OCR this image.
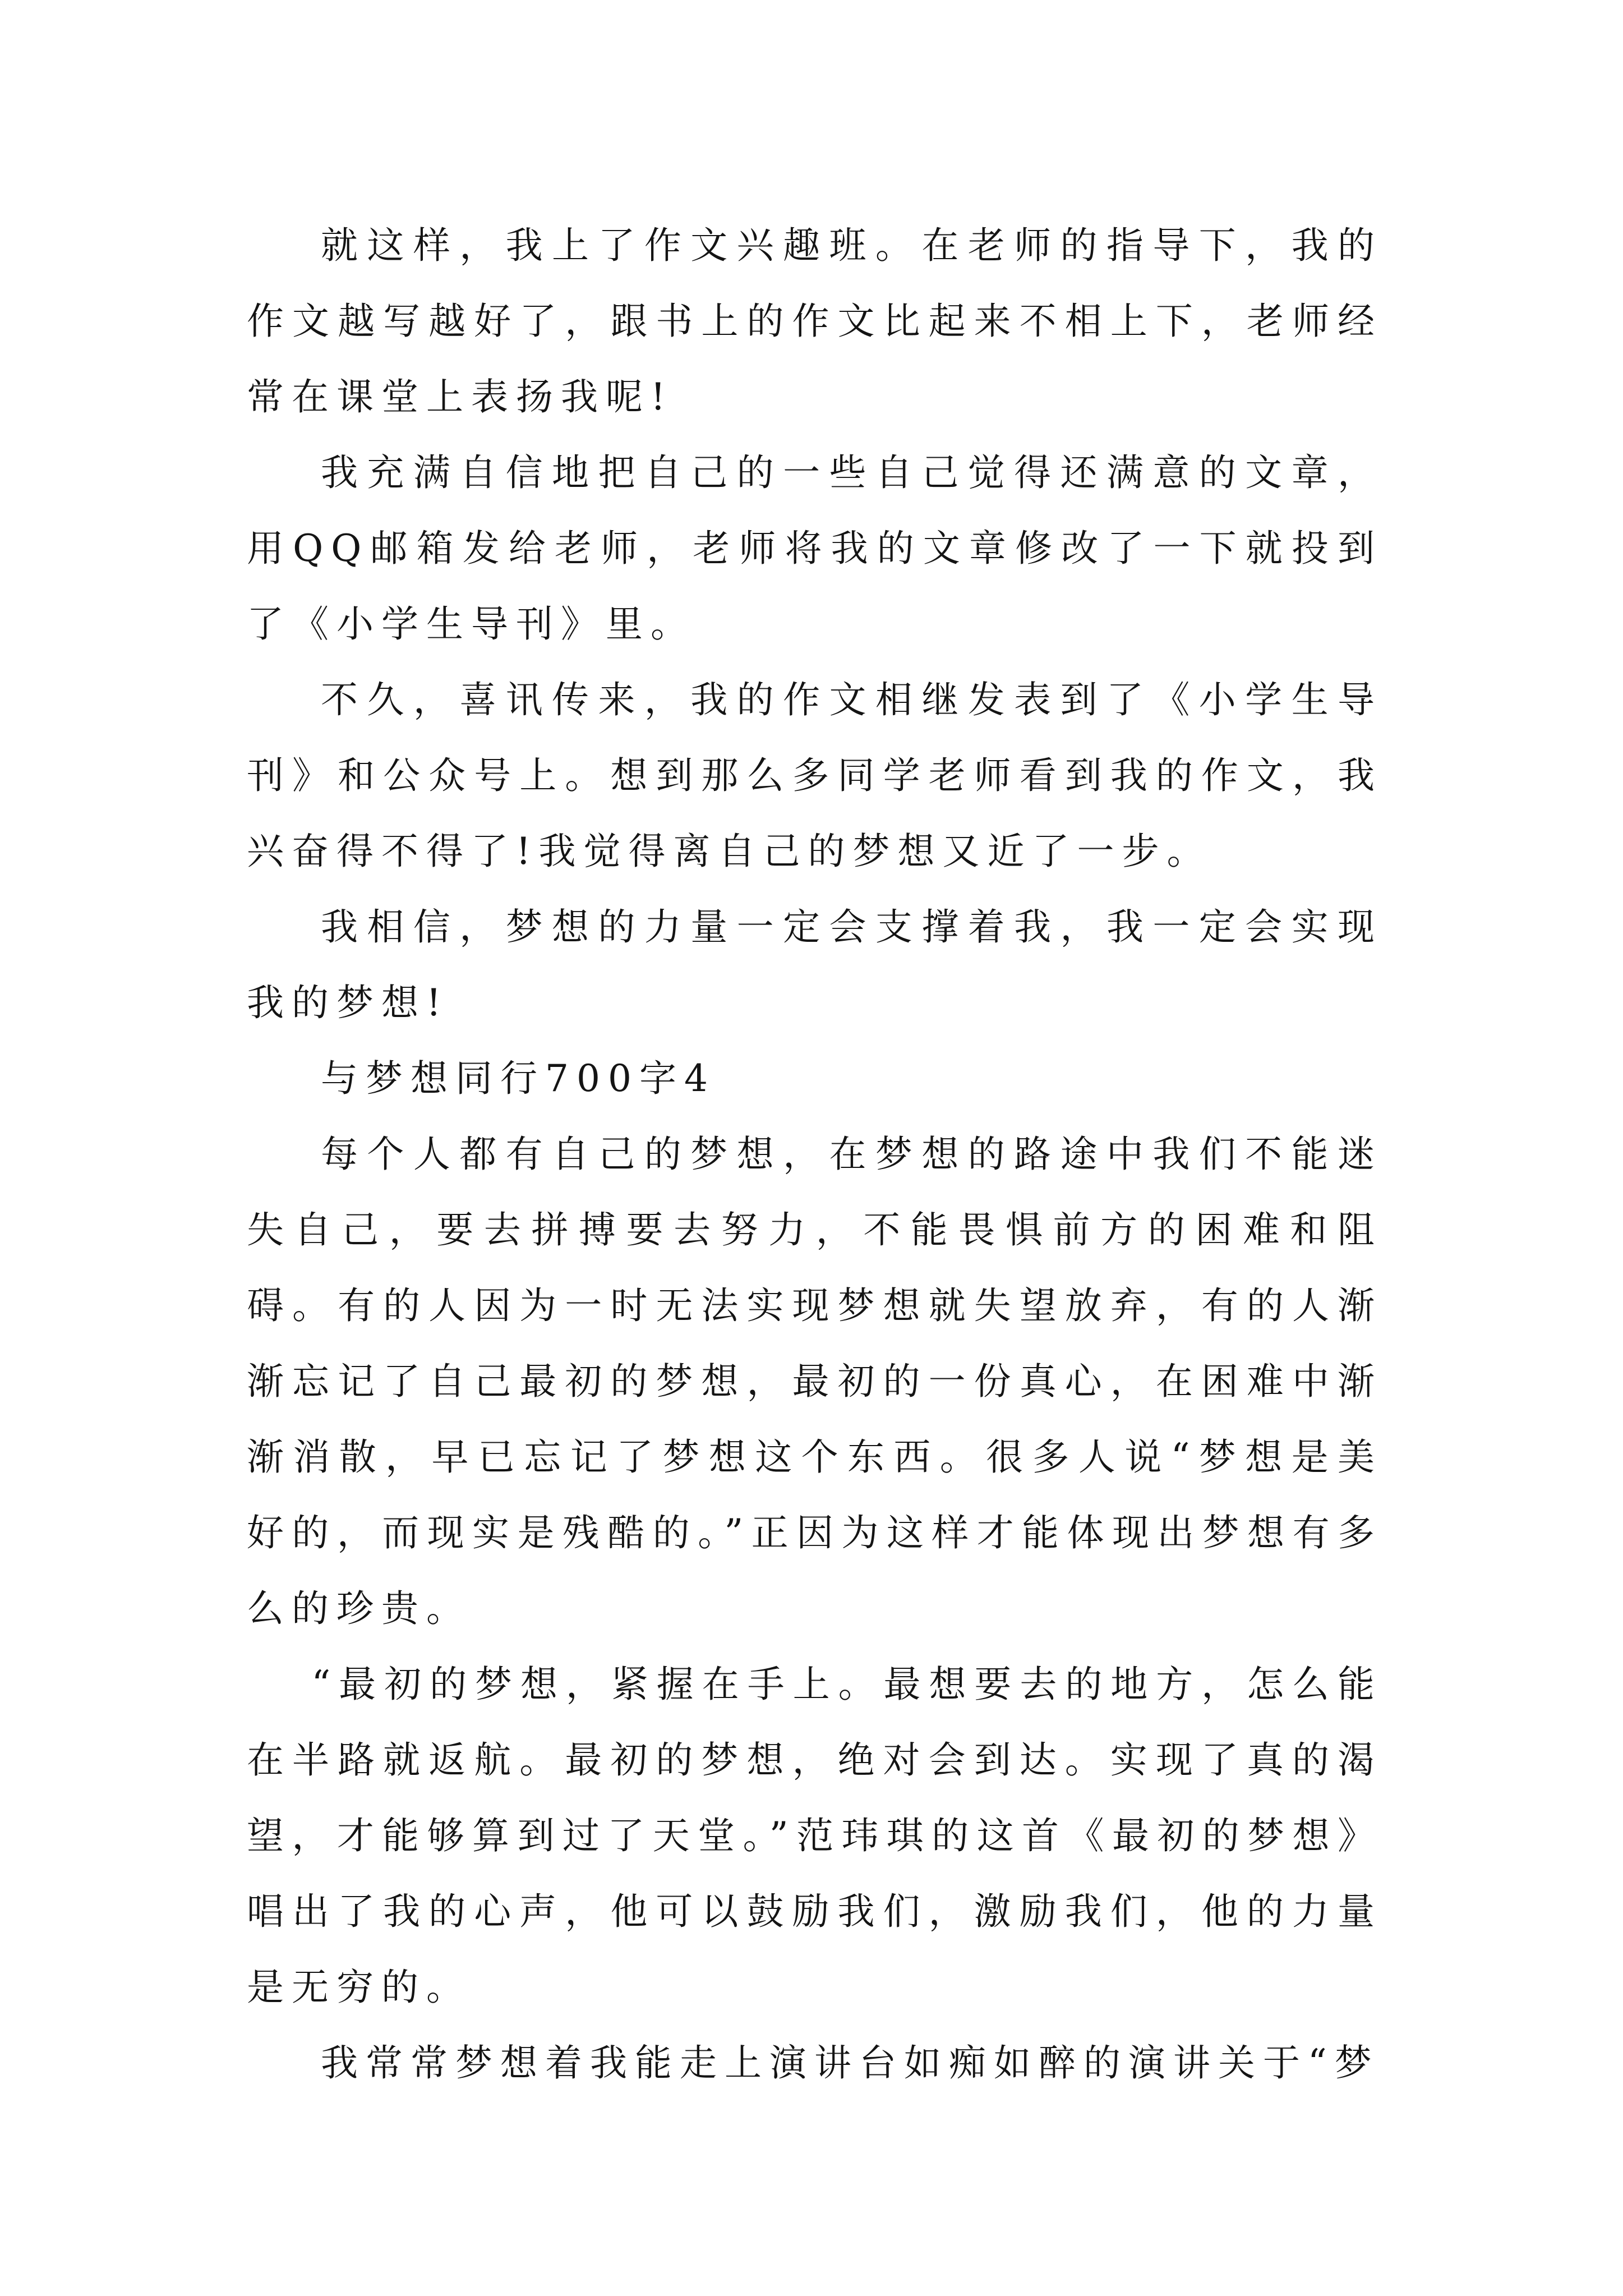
就这样，我上了作文兴趣班。在老师的指导下，我的作文越写越好了，跟书上的作文比起来不相上下，老师经常在课堂上表扬我呢!

我充满自信地把自己的一些自己觉得还满意的文章，用QQ邮箱发给老师，老师将我的文章修改了一下就投到了《小学生导刊》里。

不久，喜讯传来，我的作文相继发表到了《小学生导刊》和公众号上。想到那么多同学老师看到我的作文，我兴奋得不得了!我觉得离自己的梦想又近了一步。

我相信，梦想的力量一定会支撑着我，我一定会实现我的梦想!

与梦想同行700字4

每个人都有自己的梦想，在梦想的路途中我们不能迷失自己，要去拼搏要去努力，不能畏惧前方的困难和阻碍。有的人因为一时无法实现梦想就失望放弃，有的人渐渐忘记了自己最初的梦想，最初的一份真心，在困难中渐渐消散，早已忘记了梦想这个东西。很多人说“梦想是美好的，而现实是残酷的。”正因为这样才能体现出梦想有多么的珍贵。

“最初的梦想，紧握在手上。最想要去的地方，怎么能在半路就返航。最初的梦想，绝对会到达。实现了真的渴望，才能够算到过了天堂。”范玮琪的这首《最初的梦想》唱出了我的心声，他可以鼓励我们，激励我们，他的力量是无穷的。

我常常梦想着我能走上演讲台如痴如醉的演讲关于“梦
